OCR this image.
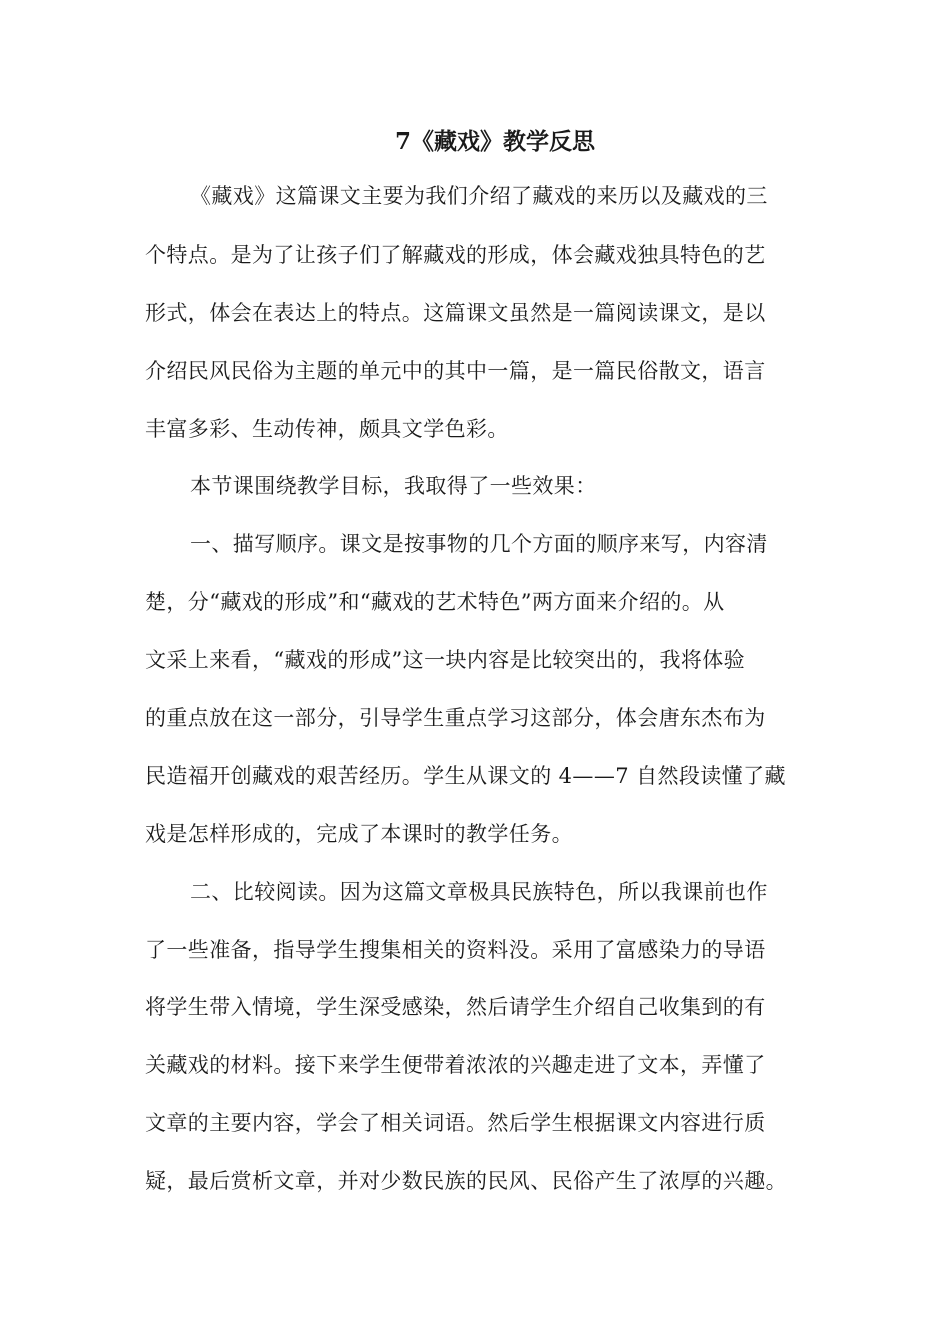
7《藏戏》教学反思

《藏戏》这篇课文主要为我们介绍了藏戏的来历以及藏戏的三

个特点。是为了让孩子们了解藏戏的形成，体会藏戏独具特色的艺

形式，体会在表达上的特点。这篇课文虽然是一篇阅读课文，是以

介绍民风民俗为主题的单元中的其中一篇，是一篇民俗散文，语言

丰富多彩、生动传神，颇具文学色彩。

本节课围绕教学目标，我取得了一些效果：

一、描写顺序。课文是按事物的几个方面的顺序来写，内容清

楚，分“藏戏的形成”和“藏戏的艺术特色”两方面来介绍的。从

文采上来看，“藏戏的形成”这一块内容是比较突出的，我将体验

的重点放在这一部分，引导学生重点学习这部分，体会唐东杰布为

民造福开创藏戏的艰苦经历。学生从课文的 4——7 自然段读懂了藏

戏是怎样形成的，完成了本课时的教学任务。

二、比较阅读。因为这篇文章极具民族特色，所以我课前也作

了一些准备，指导学生搜集相关的资料没。采用了富感染力的导语

将学生带入情境，学生深受感染，然后请学生介绍自己收集到的有

关藏戏的材料。接下来学生便带着浓浓的兴趣走进了文本，弄懂了

文章的主要内容，学会了相关词语。然后学生根据课文内容进行质

疑，最后赏析文章，并对少数民族的民风、民俗产生了浓厚的兴趣。
